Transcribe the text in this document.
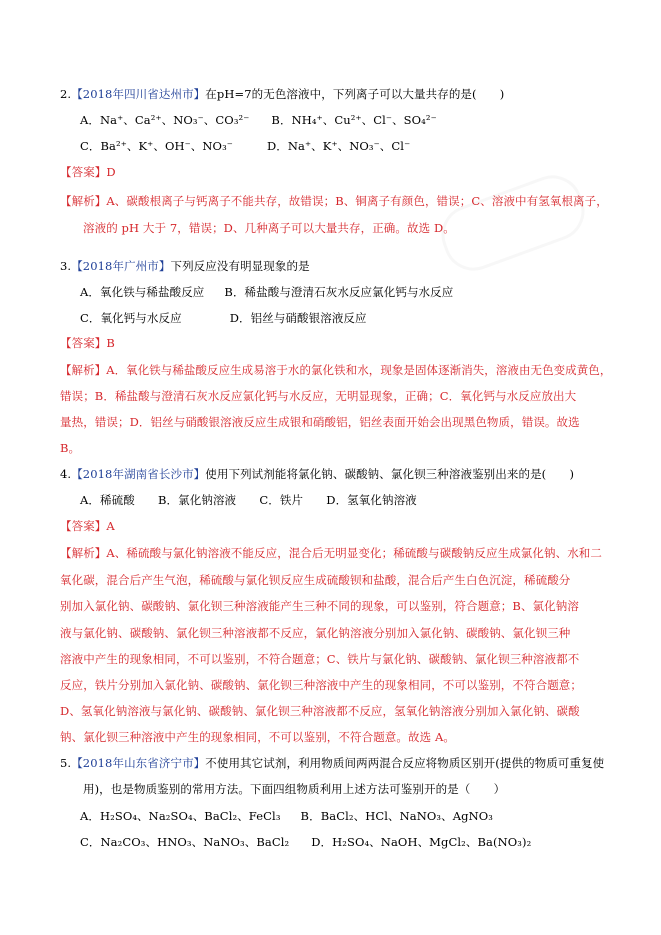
2.【2018年四川省达州市】在pH=7的无色溶液中，下列离子可以大量共存的是(　　)
A．Na⁺、Ca²⁺、NO₃⁻、CO₃²⁻ B．NH₄⁺、Cu²⁺、Cl⁻、SO₄²⁻
C．Ba²⁺、K⁺、OH⁻、NO₃⁻	D．Na⁺、K⁺、NO₃⁻、Cl⁻
【答案】D
【解析】A、碳酸根离子与钙离子不能共存，故错误；B、铜离子有颜色，错误；C、溶液中有氢氧根离子，
溶液的 pH 大于 7，错误；D、几种离子可以大量共存，正确。故选 D。
3.【2018年广州市】下列反应没有明显现象的是
A．氧化铁与稀盐酸反应 B．稀盐酸与澄清石灰水反应氯化钙与水反应
C．氧化钙与水反应	D．铝丝与硝酸银溶液反应
【答案】B
【解析】A．氧化铁与稀盐酸反应生成易溶于水的氯化铁和水，现象是固体逐渐消失，溶液由无色变成黄色，
错误；B．稀盐酸与澄清石灰水反应氯化钙与水反应，无明显现象，正确；C．氧化钙与水反应放出大
量热，错误；D．铝丝与硝酸银溶液反应生成银和硝酸铝，铝丝表面开始会出现黑色物质，错误。故选
B。
4.【2018年湖南省长沙市】使用下列试剂能将氯化钠、碳酸钠、氯化钡三种溶液鉴别出来的是(　　)
A．稀硫酸　　B．氯化钠溶液　　C．铁片　　D．氢氧化钠溶液
【答案】A
【解析】A、稀硫酸与氯化钠溶液不能反应，混合后无明显变化；稀硫酸与碳酸钠反应生成氯化钠、水和二
氧化碳，混合后产生气泡，稀硫酸与氯化钡反应生成硫酸钡和盐酸，混合后产生白色沉淀，稀硫酸分
别加入氯化钠、碳酸钠、氯化钡三种溶液能产生三种不同的现象，可以鉴别，符合题意；B、氯化钠溶
液与氯化钠、碳酸钠、氯化钡三种溶液都不反应，氯化钠溶液分别加入氯化钠、碳酸钠、氯化钡三种
溶液中产生的现象相同，不可以鉴别，不符合题意；C、铁片与氯化钠、碳酸钠、氯化钡三种溶液都不
反应，铁片分别加入氯化钠、碳酸钠、氯化钡三种溶液中产生的现象相同，不可以鉴别，不符合题意；
D、氢氧化钠溶液与氯化钠、碳酸钠、氯化钡三种溶液都不反应，氢氧化钠溶液分别加入氯化钠、碳酸
钠、氯化钡三种溶液中产生的现象相同，不可以鉴别，不符合题意。故选 A。
5.【2018年山东省济宁市】不使用其它试剂，利用物质间两两混合反应将物质区别开(提供的物质可重复使
用)，也是物质鉴别的常用方法。下面四组物质利用上述方法可鉴别开的是（　　）
A．H₂SO₄、Na₂SO₄、BaCl₂、FeCl₃ B．BaCl₂、HCl、NaNO₃、AgNO₃
C．Na₂CO₃、HNO₃、NaNO₃、BaCl₂ D．H₂SO₄、NaOH、MgCl₂、Ba(NO₃)₂
